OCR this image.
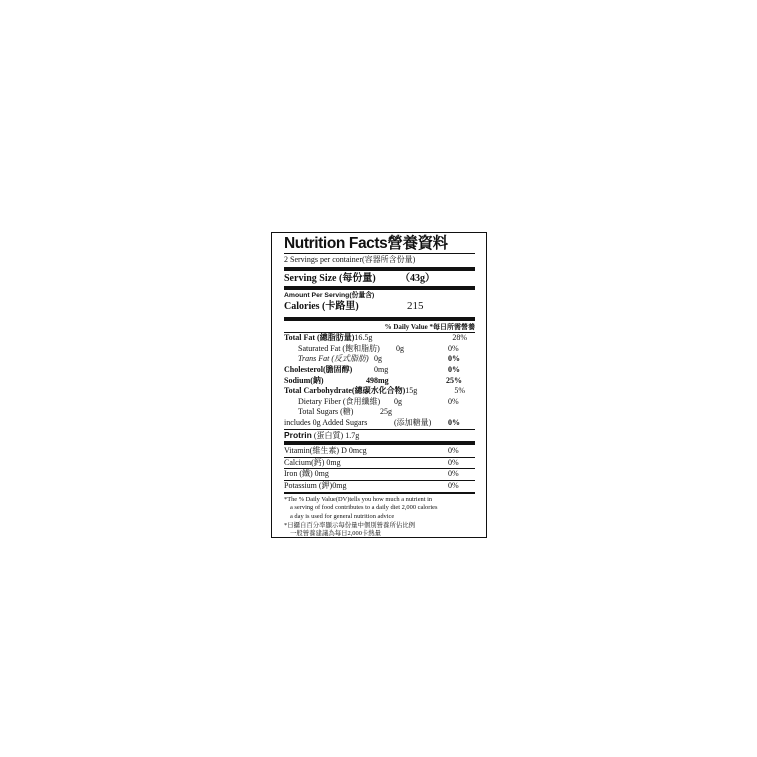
Nutrition Facts營養資料
2 Servings per container(容器所含份量)
Serving Size (每份量) （43g）
Amount Per Serving(份量含)
Calories (卡路里)	215
% Daily Value *每日所需營養
Total Fat (總脂肪量)16.5g	28%
Saturated Fat (飽和脂肪) 0g	0%
Trans Fat (反式脂肪) 0g	0%
Cholesterol(膽固醇)	0mg	0%
Sodium(鈉)	498mg	25%
Total Carbohydrate(總碳水化合物)15g	5%
Dietary Fiber (食用纖維) 0g	0%
Total Sugars (糖)	25g
includes 0g Added Sugars	(添加糖量) 0%
Protrin (蛋白質) 1.7g
Vitamin(維生素) D 0mcg	0%
Calcium(鈣) 0mg	0%
Iron (鐵) 0mg	0%
Potassium (鉀)0mg	0%
*The % Daily Value(DV)tells you how much a nutrient in
a serving of food contributes to a daily diet 2,000 calories
a day is used for general nutrition advice
*日攝自百分率顯示每份量中個別營養所佔比例
一般營養建議為每日2,000卡熱量
